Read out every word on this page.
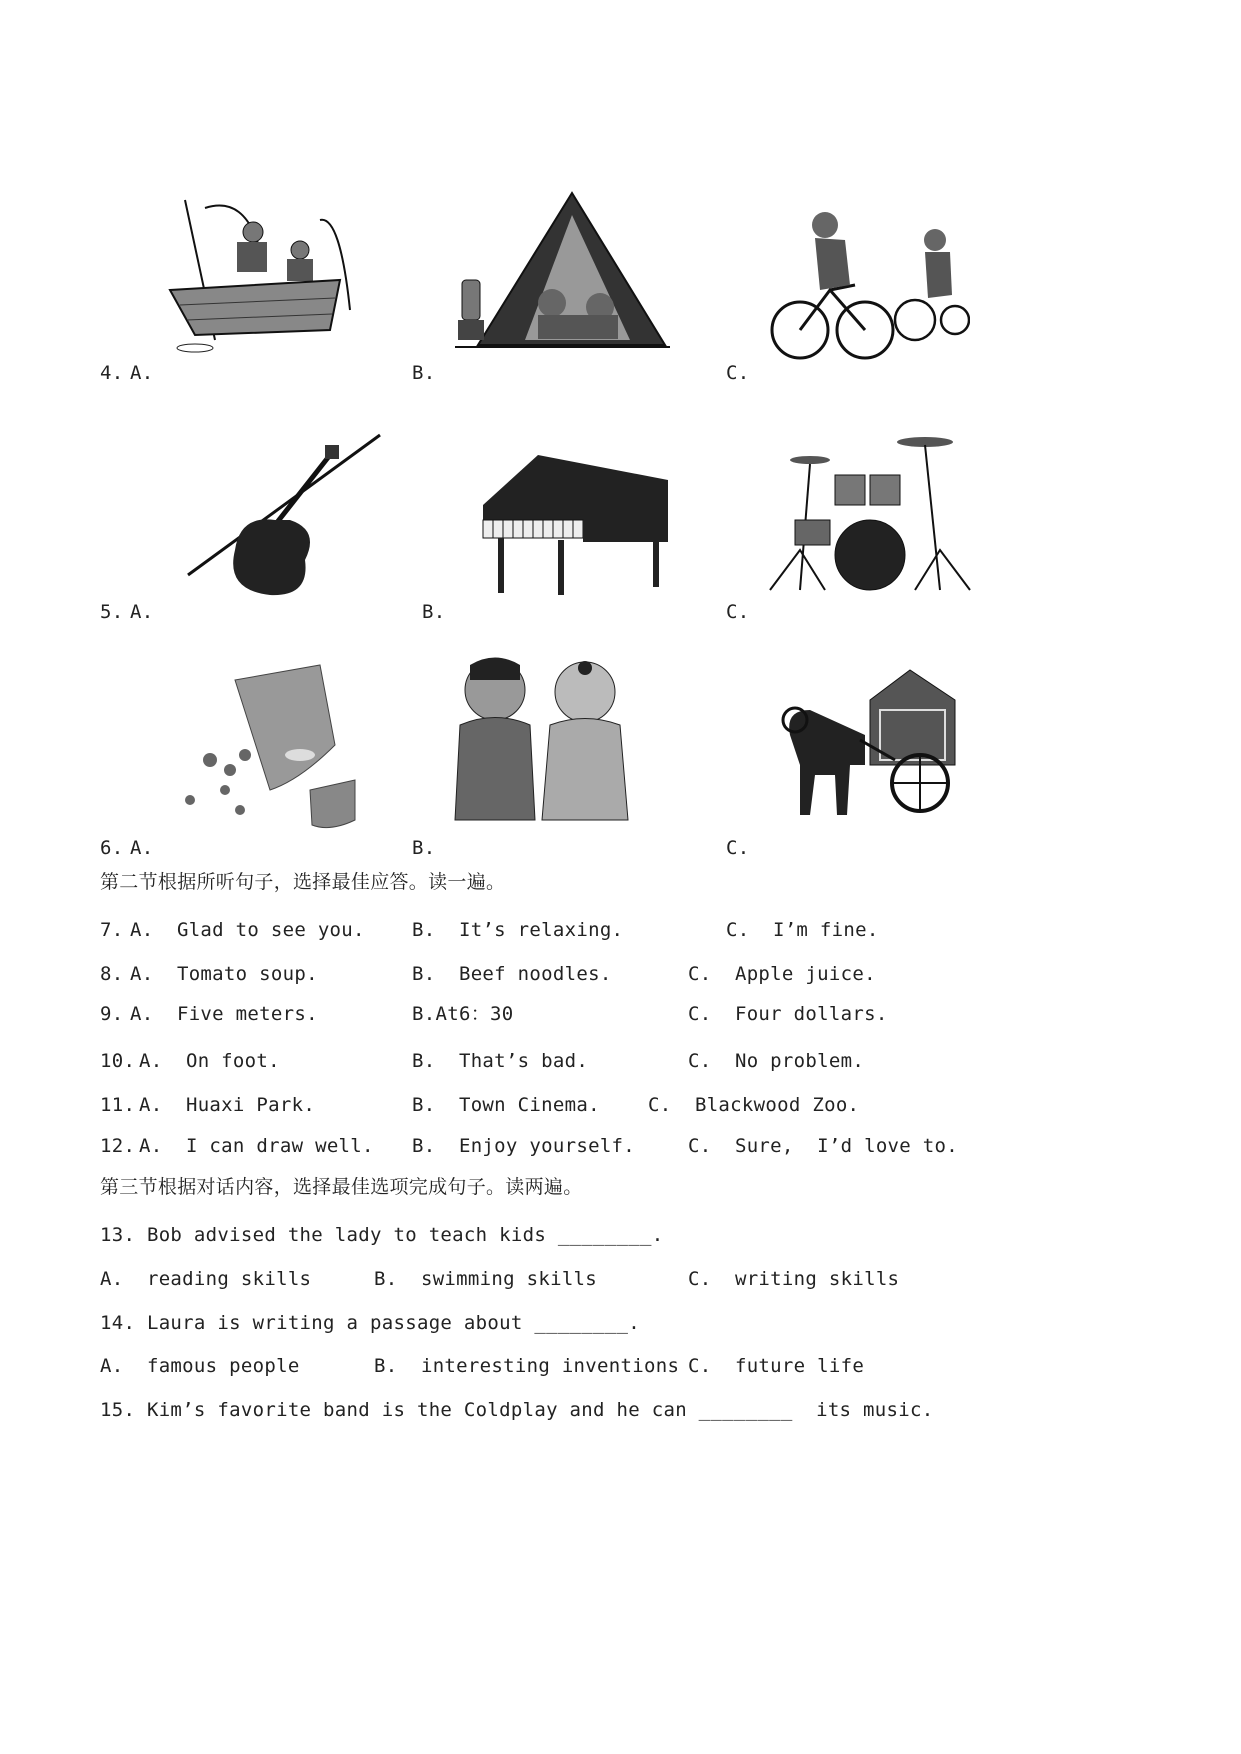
4. A.	B.	C.
5. A.	B.	C.
6. A.	B.	C.
第二节根据所听句子，选择最佳应答。读一遍。
7. A.  Glad to see you. B.  It’s relaxing.	C.  I’m fine.
8. A.  Tomato soup.	B.  Beef noodles.	C.  Apple juice.
9. A.  Five meters.	B.At6：30	C.  Four dollars.
10. A.  On foot.	B.  That’s bad.	C.  No problem.
11. A.  Huaxi Park.	B.  Town Cinema.	C.  Blackwood Zoo.
12. A.  I can draw well. B.  Enjoy yourself.	C.  Sure,  I’d love to.
第三节根据对话内容，选择最佳选项完成句子。读两遍。
13. Bob advised the lady to teach kids ________.
A.  reading skills	B.  swimming skills	C.  writing skills
14. Laura is writing a passage about ________.
A.  famous people	B.  interesting inventions C.  future life
15. Kim’s favorite band is the Coldplay and he can ________  its music.
